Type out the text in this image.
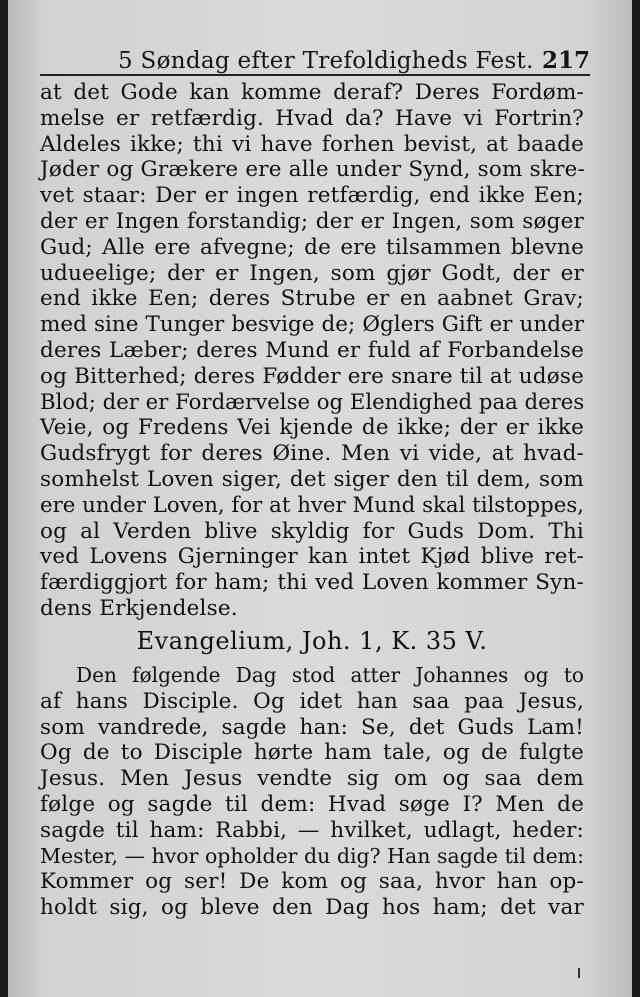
5 Søndag efter Trefoldigheds Fest. 217
at det Gode kan komme deraf? Deres Fordøm-
melse er retfærdig. Hvad da? Have vi Fortrin?
Aldeles ikke; thi vi have forhen bevist, at baade
Jøder og Grækere ere alle under Synd, som skre-
vet staar: Der er ingen retfærdig, end ikke Een;
der er Ingen forstandig; der er Ingen, som søger
Gud; Alle ere afvegne; de ere tilsammen blevne
udueelige; der er Ingen, som gjør Godt, der er
end ikke Een; deres Strube er en aabnet Grav;
med sine Tunger besvige de; Øglers Gift er under
deres Læber; deres Mund er fuld af Forbandelse
og Bitterhed; deres Fødder ere snare til at udøse
Blod; der er Fordærvelse og Elendighed paa deres
Veie, og Fredens Vei kjende de ikke; der er ikke
Gudsfrygt for deres Øine. Men vi vide, at hvad-
somhelst Loven siger, det siger den til dem, som
ere under Loven, for at hver Mund skal tilstoppes,
og al Verden blive skyldig for Guds Dom. Thi
ved Lovens Gjerninger kan intet Kjød blive ret-
færdiggjort for ham; thi ved Loven kommer Syn-
dens Erkjendelse.
Evangelium, Joh. 1, K. 35 V.
Den følgende Dag stod atter Johannes og to
af hans Disciple. Og idet han saa paa Jesus,
som vandrede, sagde han: Se, det Guds Lam!
Og de to Disciple hørte ham tale, og de fulgte
Jesus. Men Jesus vendte sig om og saa dem
følge og sagde til dem: Hvad søge I? Men de
sagde til ham: Rabbi, — hvilket, udlagt, heder:
Mester, — hvor opholder du dig? Han sagde til dem:
Kommer og ser! De kom og saa, hvor han op-
holdt sig, og bleve den Dag hos ham; det var
